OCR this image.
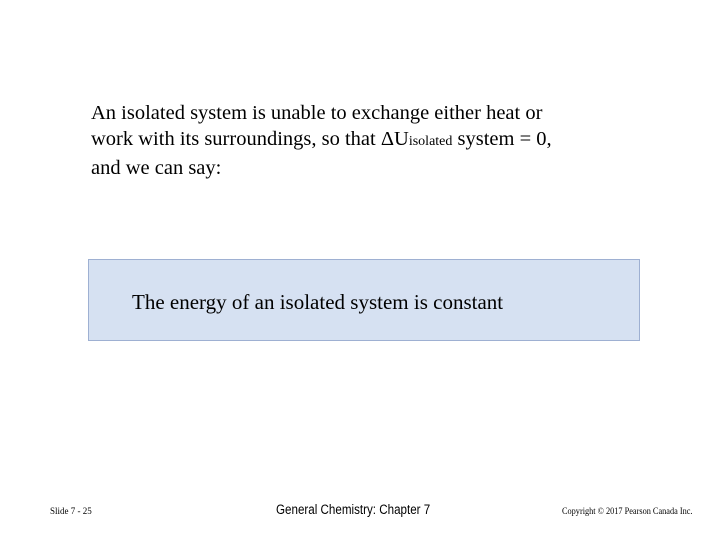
An isolated system is unable to exchange either heat or
work with its surroundings, so that ΔUisolated system = 0,
and we can say:
The energy of an isolated system is constant
Slide 7 - 25	General Chemistry: Chapter 7	Copyright © 2017 Pearson Canada Inc.
